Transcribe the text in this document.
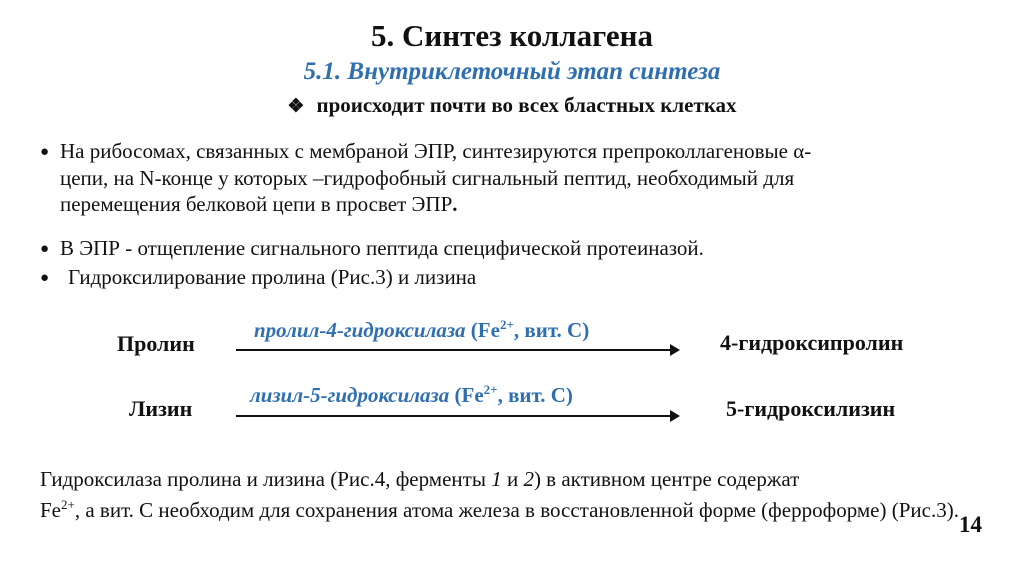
5. Синтез коллагена
5.1. Внутриклеточный этап синтеза
❖ происходит почти во всех бластных клетках
● На рибосомах, связанных с мембраной ЭПР, синтезируются препроколлагеновые α-
цепи, на N-конце у которых –гидрофобный сигнальный пептид, необходимый для
перемещения белковой цепи в просвет ЭПР.
● В ЭПР - отщепление сигнального пептида специфической протеиназой.
● Гидроксилирование пролина (Рис.3) и лизина
Пролин
пролил-4-гидроксилаза ($Fe^{2+}$, вит. С)	4-гидроксипролин
Лизин
лизил-5-гидроксилаза ($Fe^{2+}$, вит. С)
5-гидроксилизин
Гидроксилаза пролина и лизина (Рис.4, ферменты 1 и 2) в активном центре содержат
$Fe^{2+}$, а вит. С необходим для сохранения атома железа в восстановленной форме (ферроформе) (Рис.3).
14
